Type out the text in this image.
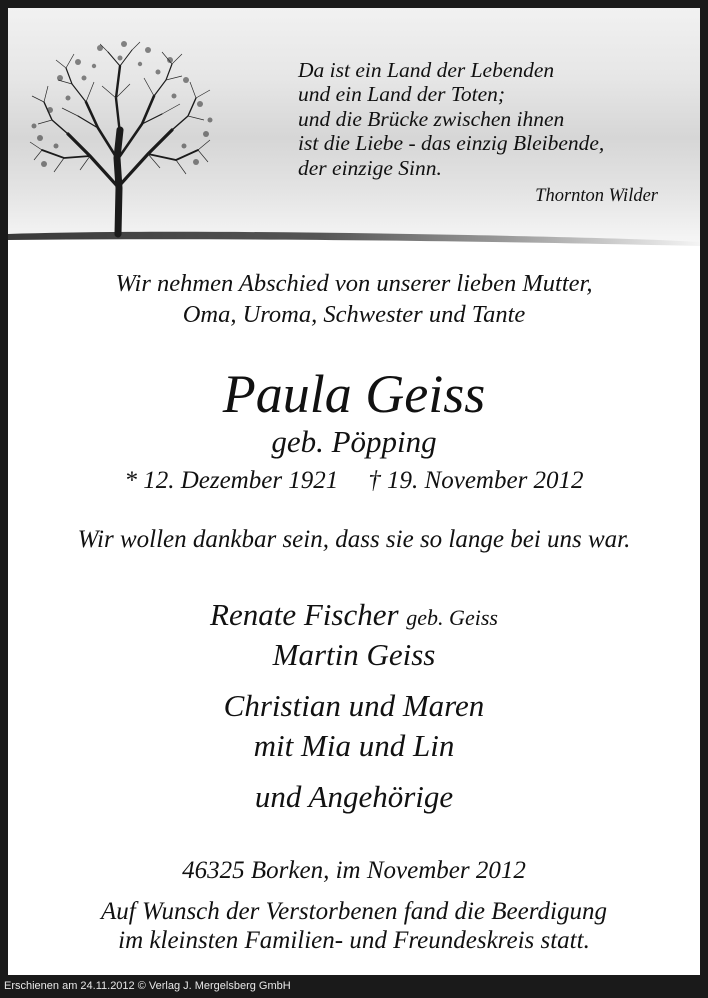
Da ist ein Land der Lebenden
und ein Land der Toten;
und die Brücke zwischen ihnen
ist die Liebe - das einzig Bleibende,
der einzige Sinn.
Thornton Wilder
Wir nehmen Abschied von unserer lieben Mutter,
Oma, Uroma, Schwester und Tante
Paula Geiss
geb. Pöpping
* 12. Dezember 1921 † 19. November 2012
Wir wollen dankbar sein, dass sie so lange bei uns war.
Renate Fischer geb. Geiss
Martin Geiss
Christian und Maren
mit Mia und Lin
und Angehörige
46325 Borken, im November 2012
Auf Wunsch der Verstorbenen fand die Beerdigung
im kleinsten Familien- und Freundeskreis statt.
Erschienen am 24.11.2012 © Verlag J. Mergelsberg GmbH
